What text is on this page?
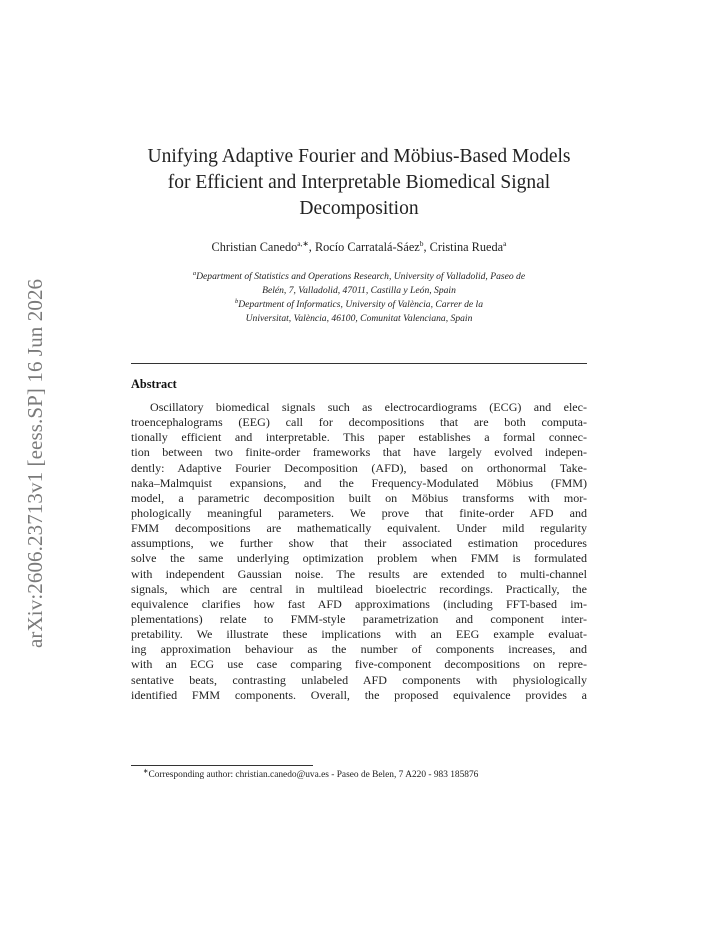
arXiv:2606.23713v1 [eess.SP] 16 Jun 2026
Unifying Adaptive Fourier and Möbius-Based Models
for Efficient and Interpretable Biomedical Signal
Decomposition
Christian Canedo$^{a,∗}$, Rocío Carratalá-Sáez$^b$, Cristina Rueda$^a$
$^a$Department of Statistics and Operations Research, University of Valladolid, Paseo de
Belén, 7, Valladolid, 47011, Castilla y León, Spain
$^b$Department of Informatics, University of València, Carrer de la
Universitat, València, 46100, Comunitat Valenciana, Spain
Abstract
Oscillatory biomedical signals such as electrocardiograms (ECG) and elec-
troencephalograms (EEG) call for decompositions that are both computa-
tionally efficient and interpretable. This paper establishes a formal connec-
tion between two finite-order frameworks that have largely evolved indepen-
dently: Adaptive Fourier Decomposition (AFD), based on orthonormal Take-
naka–Malmquist expansions, and the Frequency-Modulated Möbius (FMM)
model, a parametric decomposition built on Möbius transforms with mor-
phologically meaningful parameters. We prove that finite-order AFD and
FMM decompositions are mathematically equivalent. Under mild regularity
assumptions, we further show that their associated estimation procedures
solve the same underlying optimization problem when FMM is formulated
with independent Gaussian noise. The results are extended to multi-channel
signals, which are central in multilead bioelectric recordings. Practically, the
equivalence clarifies how fast AFD approximations (including FFT-based im-
plementations) relate to FMM-style parametrization and component inter-
pretability. We illustrate these implications with an EEG example evaluat-
ing approximation behaviour as the number of components increases, and
with an ECG use case comparing five-component decompositions on repre-
sentative beats, contrasting unlabeled AFD components with physiologically
identified FMM components. Overall, the proposed equivalence provides a
∗Corresponding author: christian.canedo@uva.es - Paseo de Belen, 7 A220 - 983 185876
